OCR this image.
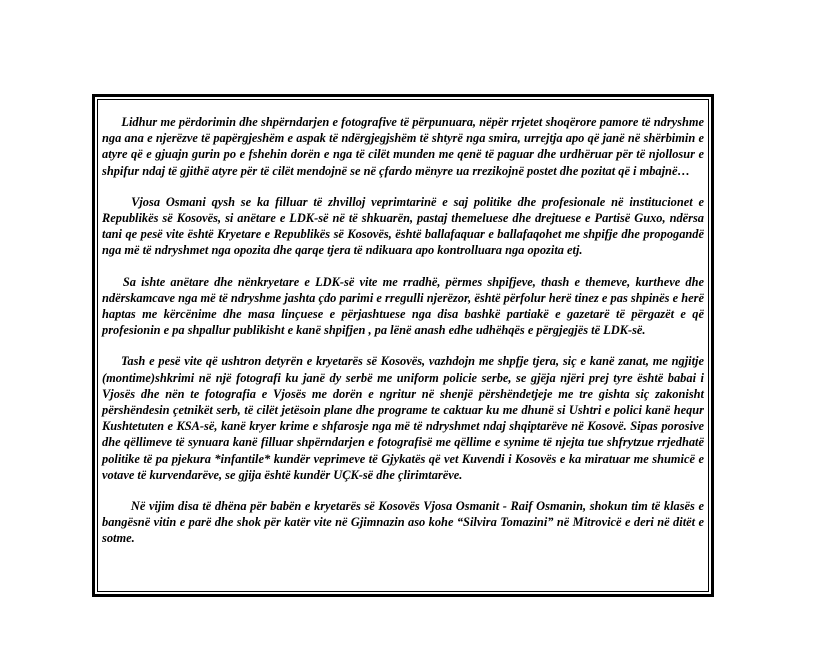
Lidhur me përdorimin dhe shpërndarjen e fotografive të përpunuara, nëpër rrjetet shoqërore pamore të ndryshme nga ana e njerëzve të papërgjeshëm e aspak të ndërgjegjshëm të shtyrë nga smira, urrejtja apo që janë në shërbimin e atyre që e gjuajn gurin po e fshehin dorën e nga të cilët munden me qenë të paguar dhe urdhëruar për të njollosur e shpifur ndaj të gjithë atyre për të cilët mendojnë se në çfardo mënyre ua rrezikojnë postet dhe pozitat që i mbajnë…

Vjosa Osmani qysh se ka filluar të zhvilloj veprimtarinë e saj politike dhe profesionale në institucionet e Republikës së Kosovës, si anëtare e LDK-së në të shkuarën, pastaj themeluese dhe drejtuese e Partisë Guxo, ndërsa tani qe pesë vite është Kryetare e Republikës së Kosovës, është ballafaquar e ballafaqohet me shpifje dhe propogandë nga më të ndryshmet nga opozita dhe qarqe tjera të ndikuara apo kontrolluara nga opozita etj.

Sa ishte anëtare dhe nënkryetare e LDK-së vite me rradhë, përmes shpifjeve, thash e themeve, kurtheve dhe ndërskamcave nga më të ndryshme jashta çdo parimi e rregulli njerëzor, është përfolur herë tinez e pas shpinës e herë haptas me kërcënime dhe masa linçuese e përjashtuese nga disa bashkë partiakë e gazetarë të përgazët e që profesionin e pa shpallur publikisht e kanë shpifjen , pa lënë anash edhe udhëhqës e përgjegjës të LDK-së.

Tash e pesë vite që ushtron detyrën e kryetarës së Kosovës, vazhdojn me shpfje tjera, siç e kanë zanat, me ngjitje (montime)shkrimi në një fotografi ku janë dy serbë me uniform policie serbe, se gjëja njëri prej tyre është babai i Vjosës dhe nën te fotografia e Vjosës me dorën e ngritur në shenjë përshëndetjeje me tre gishta siç zakonisht përshëndesin çetnikët serb, të cilët jetësoin plane dhe programe te caktuar ku me dhunë si Ushtri e polici kanë hequr Kushtetuten e KSA-së, kanë kryer krime e shfarosje nga më të ndryshmet ndaj shqiptarëve në Kosovë. Sipas porosive dhe qëllimeve të synuara kanë filluar shpërndarjen e fotografisë me qëllime e synime të njejta tue shfrytzue rrjedhatë politike të pa pjekura *infantile* kundër veprimeve të Gjykatës që vet Kuvendi i Kosovës e ka miratuar me shumicë e votave të kurvendarëve, se gjija është kundër UÇK-së dhe çlirimtarëve.

Në vijim disa të dhëna për babën e kryetarës së Kosovës Vjosa Osmanit - Raif Osmanin, shokun tim të klasës e bangësnë vitin e parë dhe shok për katër vite në Gjimnazin aso kohe “Silvira Tomazini” në Mitrovicë e deri në ditët e sotme.
